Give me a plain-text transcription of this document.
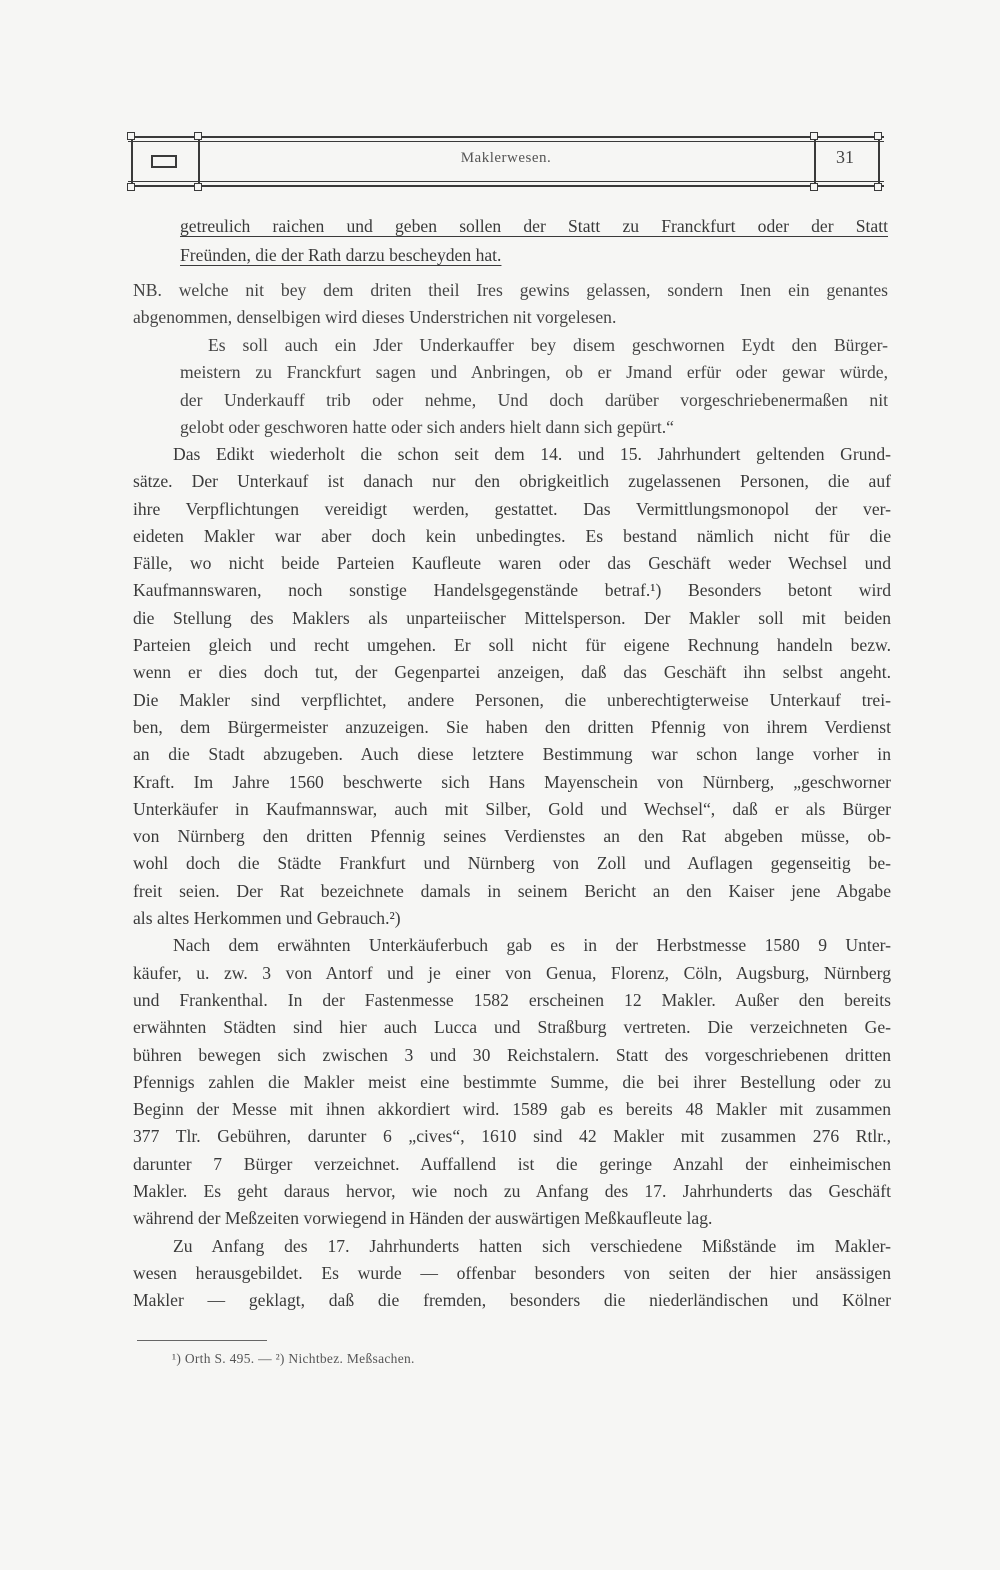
Maklerwesen.	31
getreulich raichen und geben sollen der Statt zu Franckfurt oder der Statt
Freünden, die der Rath darzu bescheyden hat.
NB. welche nit bey dem driten theil Ires gewins gelassen, sondern Inen ein genantes
abgenommen, denselbigen wird dieses Understrichen nit vorgelesen.
Es soll auch ein Jder Underkauffer bey disem geschwornen Eydt den Bürger-
meistern zu Franckfurt sagen und Anbringen, ob er Jmand erfür oder gewar würde,
der Underkauff trib oder nehme, Und doch darüber vorgeschriebenermaßen nit
gelobt oder geschworen hatte oder sich anders hielt dann sich gepürt.“
Das Edikt wiederholt die schon seit dem 14. und 15. Jahrhundert geltenden Grund-
sätze. Der Unterkauf ist danach nur den obrigkeitlich zugelassenen Personen, die auf
ihre Verpflichtungen vereidigt werden, gestattet. Das Vermittlungsmonopol der ver-
eideten Makler war aber doch kein unbedingtes. Es bestand nämlich nicht für die
Fälle, wo nicht beide Parteien Kaufleute waren oder das Geschäft weder Wechsel und
Kaufmannswaren, noch sonstige Handelsgegenstände betraf.¹) Besonders betont wird
die Stellung des Maklers als unparteiischer Mittelsperson. Der Makler soll mit beiden
Parteien gleich und recht umgehen. Er soll nicht für eigene Rechnung handeln bezw.
wenn er dies doch tut, der Gegenpartei anzeigen, daß das Geschäft ihn selbst angeht.
Die Makler sind verpflichtet, andere Personen, die unberechtigterweise Unterkauf trei-
ben, dem Bürgermeister anzuzeigen. Sie haben den dritten Pfennig von ihrem Verdienst
an die Stadt abzugeben. Auch diese letztere Bestimmung war schon lange vorher in
Kraft. Im Jahre 1560 beschwerte sich Hans Mayenschein von Nürnberg, „geschworner
Unterkäufer in Kaufmannswar, auch mit Silber, Gold und Wechsel“, daß er als Bürger
von Nürnberg den dritten Pfennig seines Verdienstes an den Rat abgeben müsse, ob-
wohl doch die Städte Frankfurt und Nürnberg von Zoll und Auflagen gegenseitig be-
freit seien. Der Rat bezeichnete damals in seinem Bericht an den Kaiser jene Abgabe
als altes Herkommen und Gebrauch.²)
Nach dem erwähnten Unterkäuferbuch gab es in der Herbstmesse 1580 9 Unter-
käufer, u. zw. 3 von Antorf und je einer von Genua, Florenz, Cöln, Augsburg, Nürnberg
und Frankenthal. In der Fastenmesse 1582 erscheinen 12 Makler. Außer den bereits
erwähnten Städten sind hier auch Lucca und Straßburg vertreten. Die verzeichneten Ge-
bühren bewegen sich zwischen 3 und 30 Reichstalern. Statt des vorgeschriebenen dritten
Pfennigs zahlen die Makler meist eine bestimmte Summe, die bei ihrer Bestellung oder zu
Beginn der Messe mit ihnen akkordiert wird. 1589 gab es bereits 48 Makler mit zusammen
377 Tlr. Gebühren, darunter 6 „cives“, 1610 sind 42 Makler mit zusammen 276 Rtlr.,
darunter 7 Bürger verzeichnet. Auffallend ist die geringe Anzahl der einheimischen
Makler. Es geht daraus hervor, wie noch zu Anfang des 17. Jahrhunderts das Geschäft
während der Meßzeiten vorwiegend in Händen der auswärtigen Meßkaufleute lag.
Zu Anfang des 17. Jahrhunderts hatten sich verschiedene Mißstände im Makler-
wesen herausgebildet. Es wurde — offenbar besonders von seiten der hier ansässigen
Makler — geklagt, daß die fremden, besonders die niederländischen und Kölner
¹) Orth S. 495. — ²) Nichtbez. Meßsachen.
